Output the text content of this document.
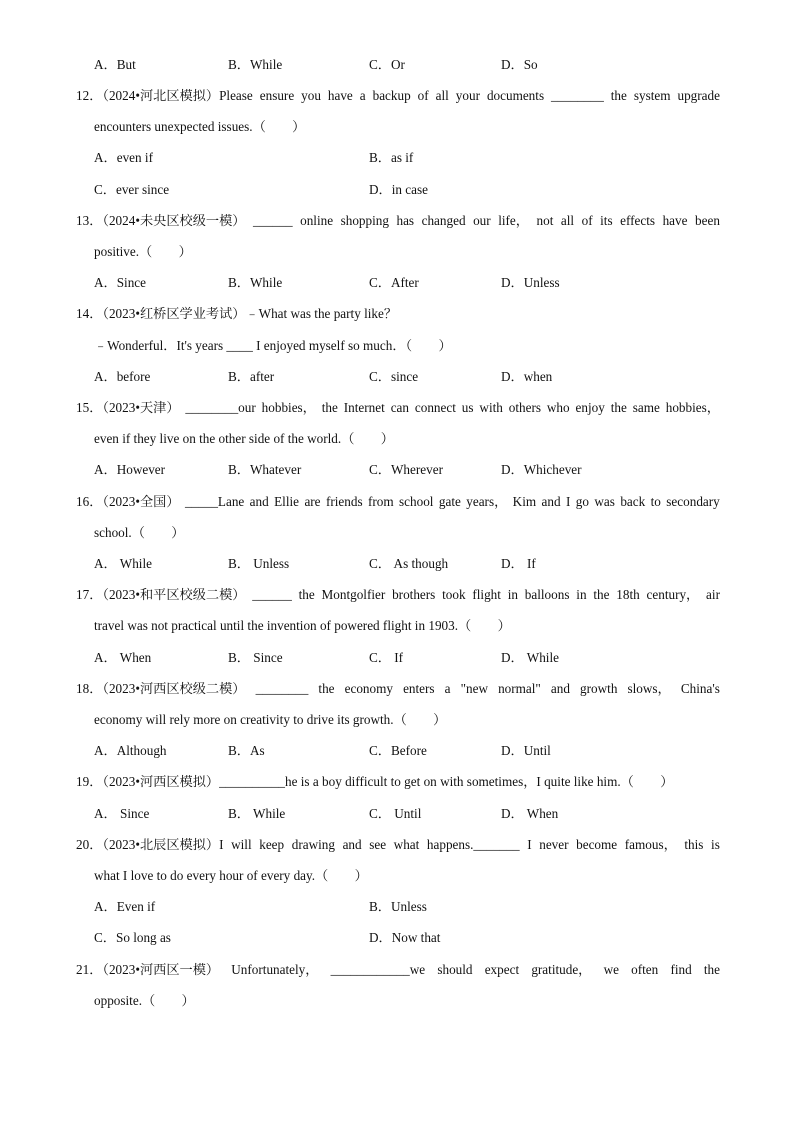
A．But	B．While	C．Or	D．So
12．（2024•河北区模拟）Please ensure you have a backup of all your documents ________ the system upgrade
encounters unexpected issues.（　　）
A．even if	B．as if
C．ever since	D．in case
13．（2024•未央区校级一模） ______ online shopping has changed our life， not all of its effects have been
positive.（　　）
A．Since	B．While	C．After	D．Unless
14．（2023•红桥区学业考试）﹣What was the party like？
﹣Wonderful．It's years ____ I enjoyed myself so much．（　　）
A．before	B．after	C．since	D．when
15．（2023•天津） ________our hobbies， the Internet can connect us with others who enjoy the same hobbies，
even if they live on the other side of the world.（　　）
A．However	B．Whatever	C．Wherever	D．Whichever
16．（2023•全国） _____Lane and Ellie are friends from school gate years， Kim and I go was back to secondary
school.（　　）
A． While	B． Unless	C． As though	D． If
17．（2023•和平区校级二模） ______ the Montgolfier brothers took flight in balloons in the 18th century， air
travel was not practical until the invention of powered flight in 1903.（　　）
A． When	B． Since	C． If	D． While
18．（2023•河西区校级二模） ________ the economy enters a "new normal" and growth slows， China's
economy will rely more on creativity to drive its growth.（　　）
A．Although	B．As	C．Before	D．Until
19．（2023•河西区模拟）__________he is a boy difficult to get on with sometimes，I quite like him.（　　）
A． Since	B． While	C． Until	D． When
20．（2023•北辰区模拟）I will keep drawing and see what happens._______ I never become famous， this is
what I love to do every hour of every day.（　　）
A．Even if	B．Unless
C．So long as	D．Now that
21．（2023•河西区一模） Unfortunately， ____________we should expect gratitude， we often find the
opposite.（　　）
